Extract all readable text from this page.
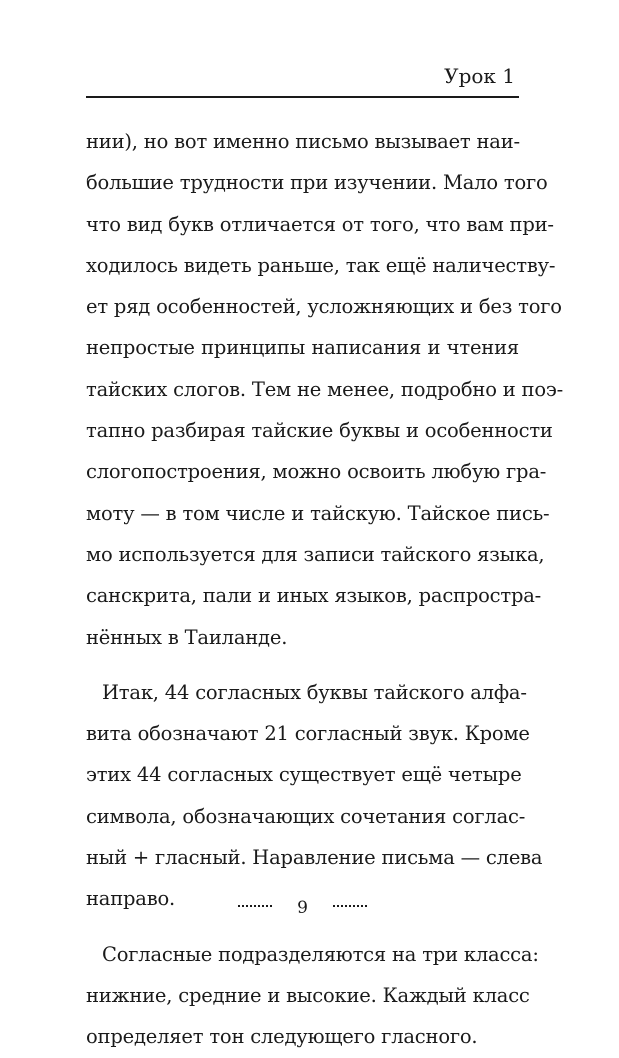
Урок 1
нии), но вот именно письмо вызывает наи-
большие трудности при изучении. Мало того
что вид букв отличается от того, что вам при-
ходилось видеть раньше, так ещё наличеству-
ет ряд особенностей, усложняющих и без того
непростые принципы написания и чтения
тайских слогов. Тем не менее, подробно и поэ-
тапно разбирая тайские буквы и особенности
слогопостроения, можно освоить любую гра-
моту — в том числе и тайскую. Тайское пись-
мо используется для записи тайского языка,
санскрита, пали и иных языков, распростра-
нённых в Таиланде.
Итак, 44 согласных буквы тайского алфа-
вита обозначают 21 согласный звук. Кроме
этих 44 согласных существует ещё четыре
символа, обозначающих сочетания соглас-
ный + гласный. Наравление письма — слева
направо.
Согласные подразделяются на три класса:
нижние, средние и высокие. Каждый класс
определяет тон следующего гласного.
9
